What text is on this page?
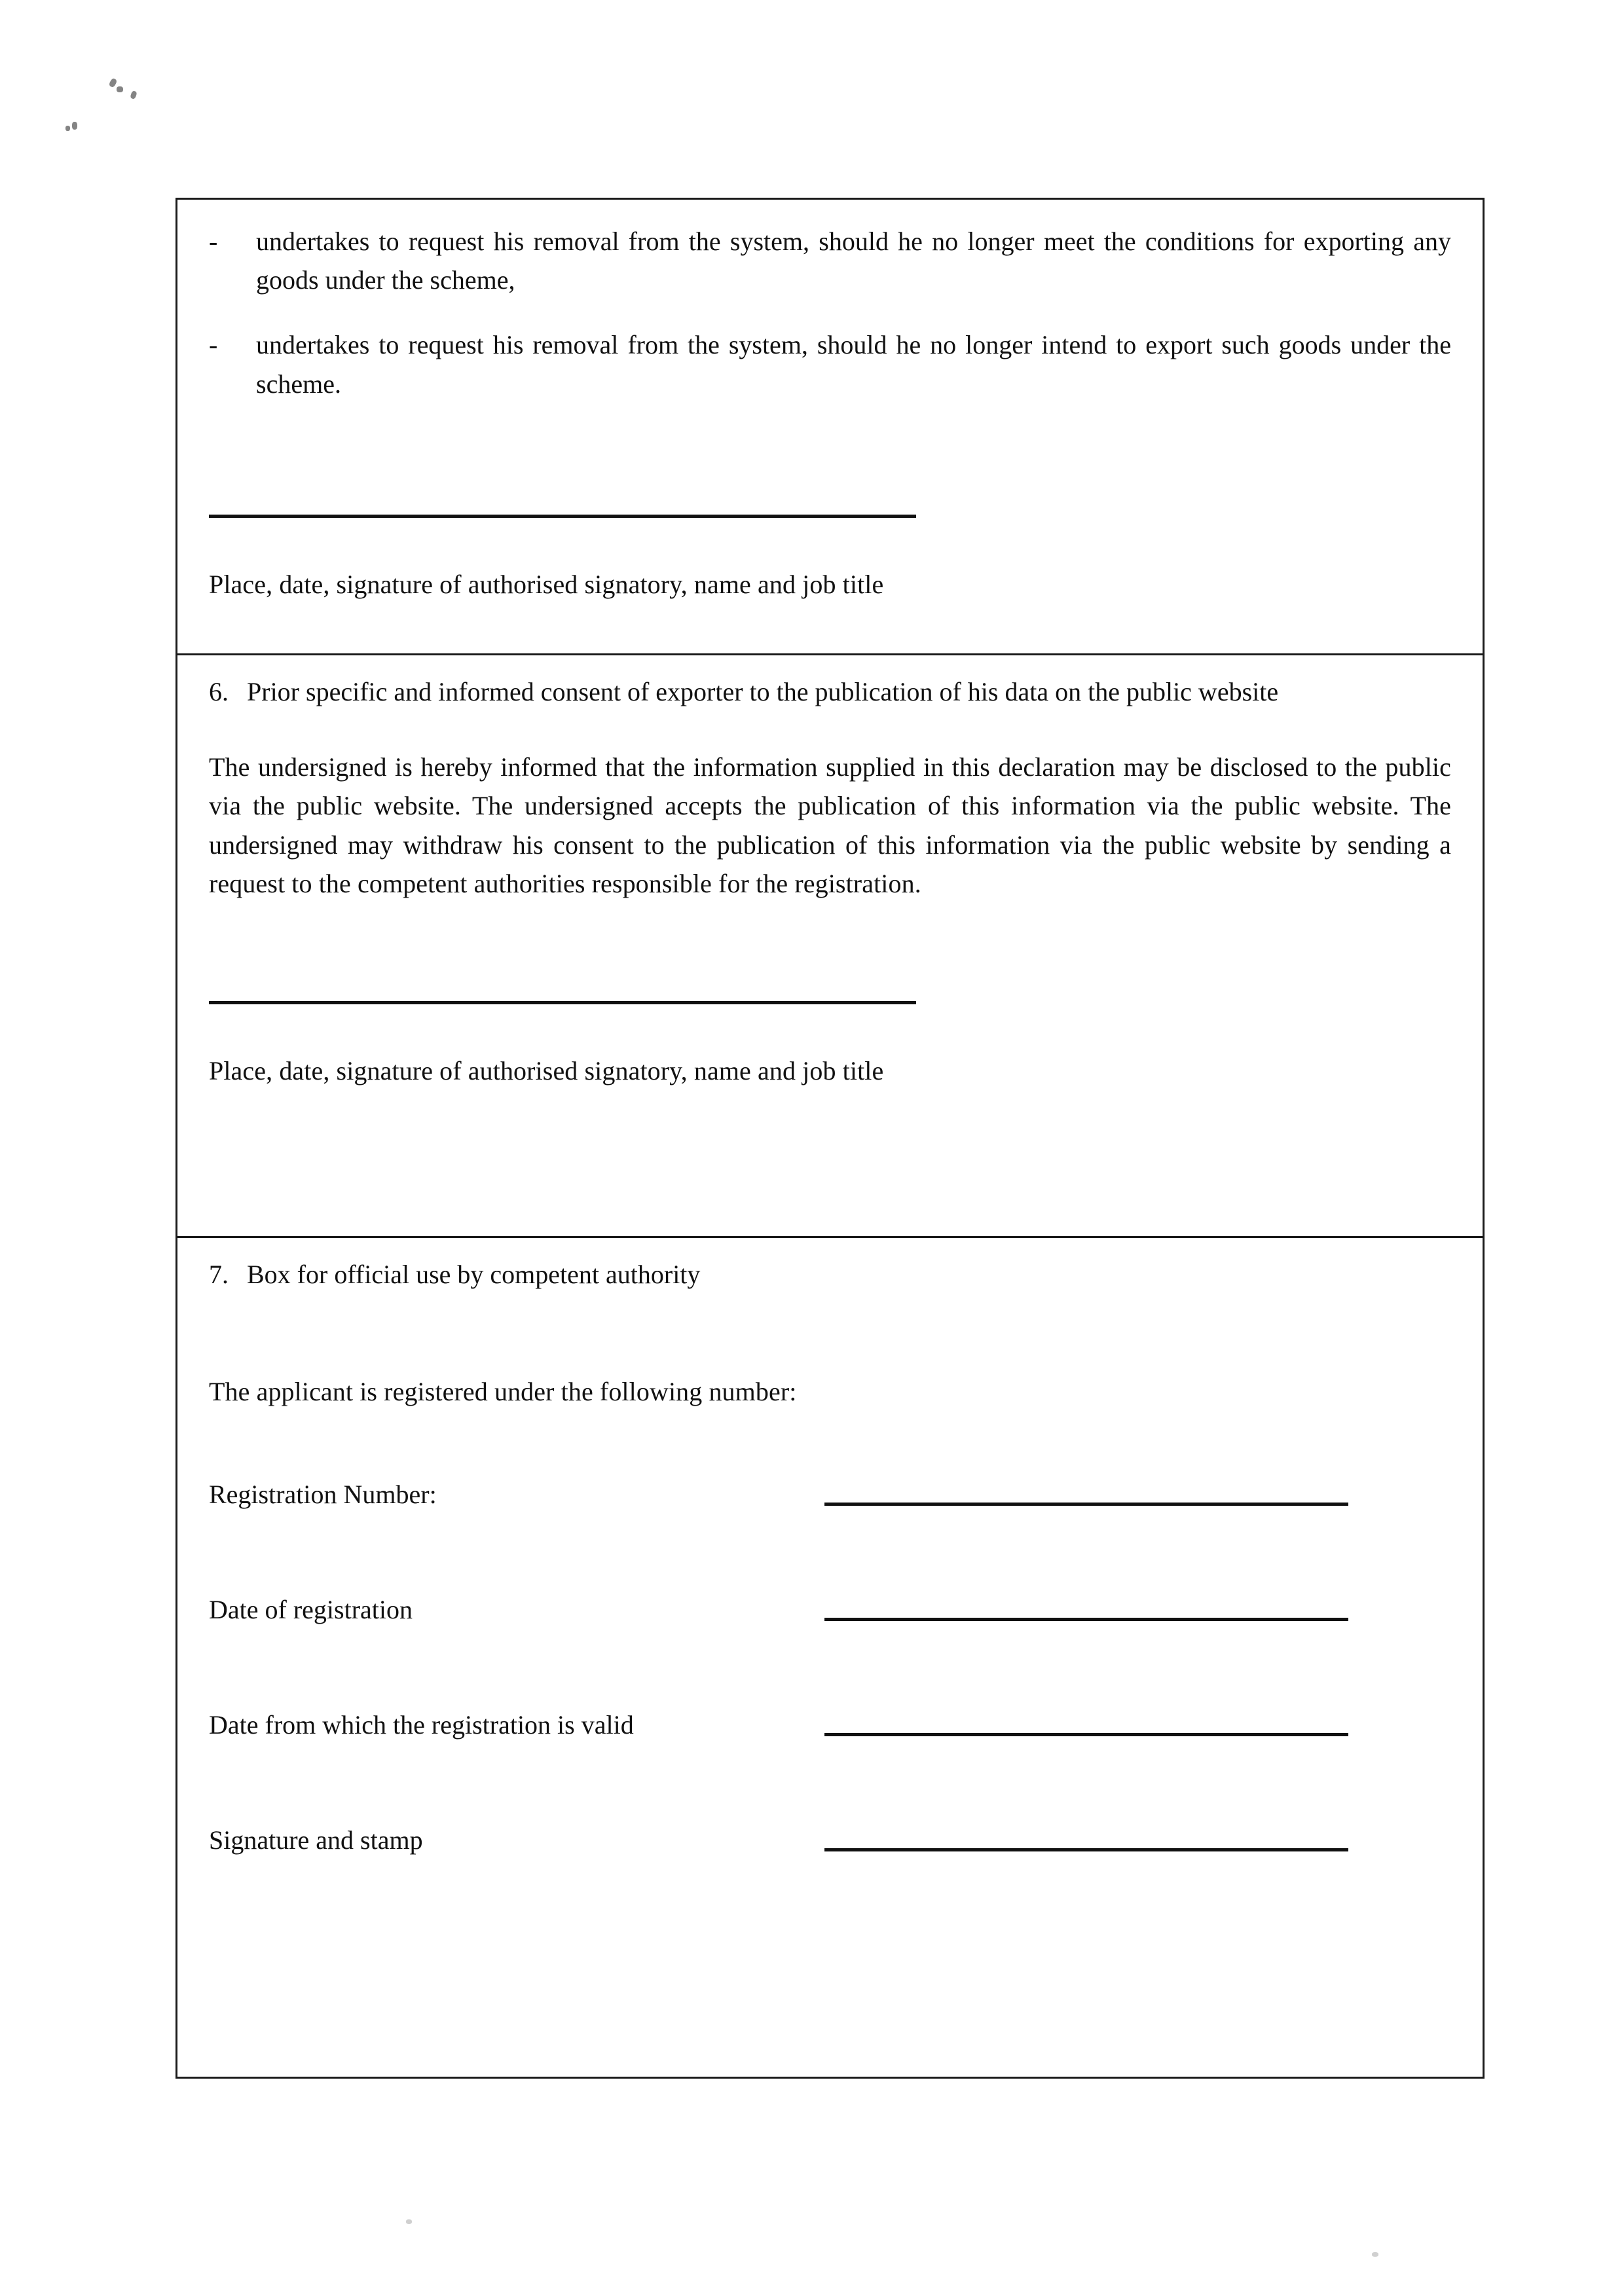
-	undertakes to request his removal from the system, should he no longer meet the conditions for exporting any goods under the scheme,
-	undertakes to request his removal from the system, should he no longer intend to export such goods under the scheme.

Place, date, signature of authorised signatory, name and job title

6. Prior specific and informed consent of exporter to the publication of his data on the public website

The undersigned is hereby informed that the information supplied in this declaration may be disclosed to the public via the public website. The undersigned accepts the publication of this information via the public website. The undersigned may withdraw his consent to the publication of this information via the public website by sending a request to the competent authorities responsible for the registration.

Place, date, signature of authorised signatory, name and job title

7. Box for official use by competent authority

The applicant is registered under the following number:

Registration Number:
Date of registration
Date from which the registration is valid
Signature and stamp
